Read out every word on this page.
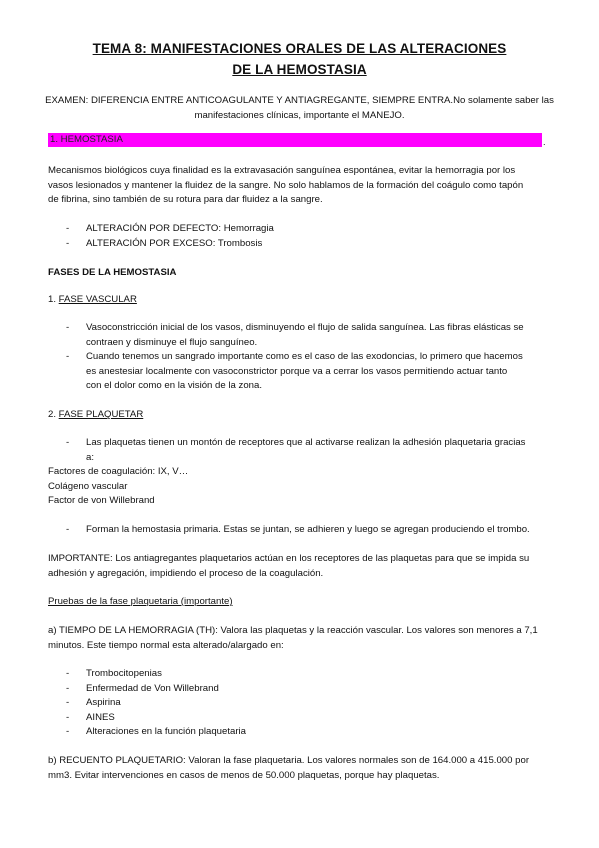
TEMA 8: MANIFESTACIONES ORALES DE LAS ALTERACIONES
DE LA HEMOSTASIA
EXAMEN: DIFERENCIA ENTRE ANTICOAGULANTE Y ANTIAGREGANTE, SIEMPRE ENTRA.No solamente saber las
manifestaciones clínicas, importante el MANEJO.
1. HEMOSTASIA	.
Mecanismos biológicos cuya finalidad es la extravasación sanguínea espontánea, evitar la hemorragia por los
vasos lesionados y mantener la fluidez de la sangre. No solo hablamos de la formación del coágulo como tapón
de fibrina, sino también de su rotura para dar fluidez a la sangre.
- ALTERACIÓN POR DEFECTO: Hemorragia
- ALTERACIÓN POR EXCESO: Trombosis
FASES DE LA HEMOSTASIA
1. FASE VASCULAR
- Vasoconstricción inicial de los vasos, disminuyendo el flujo de salida sanguínea. Las fibras elásticas se
contraen y disminuye el flujo sanguíneo.
- Cuando tenemos un sangrado importante como es el caso de las exodoncias, lo primero que hacemos
es anestesiar localmente con vasoconstrictor porque va a cerrar los vasos permitiendo actuar tanto
con el dolor como en la visión de la zona.
2. FASE PLAQUETAR
- Las plaquetas tienen un montón de receptores que al activarse realizan la adhesión plaquetaria gracias
a:
Factores de coagulación: IX, V…
Colágeno vascular
Factor de von Willebrand
- Forman la hemostasia primaria. Estas se juntan, se adhieren y luego se agregan produciendo el trombo.
IMPORTANTE: Los antiagregantes plaquetarios actúan en los receptores de las plaquetas para que se impida su
adhesión y agregación, impidiendo el proceso de la coagulación.
Pruebas de la fase plaquetaria (importante)
a) TIEMPO DE LA HEMORRAGIA (TH): Valora las plaquetas y la reacción vascular. Los valores son menores a 7,1
minutos. Este tiempo normal esta alterado/alargado en:
- Trombocitopenias
- Enfermedad de Von Willebrand
- Aspirina
- AINES
- Alteraciones en la función plaquetaria
b) RECUENTO PLAQUETARIO: Valoran la fase plaquetaria. Los valores normales son de 164.000 a 415.000 por
mm3. Evitar intervenciones en casos de menos de 50.000 plaquetas, porque hay plaquetas.
